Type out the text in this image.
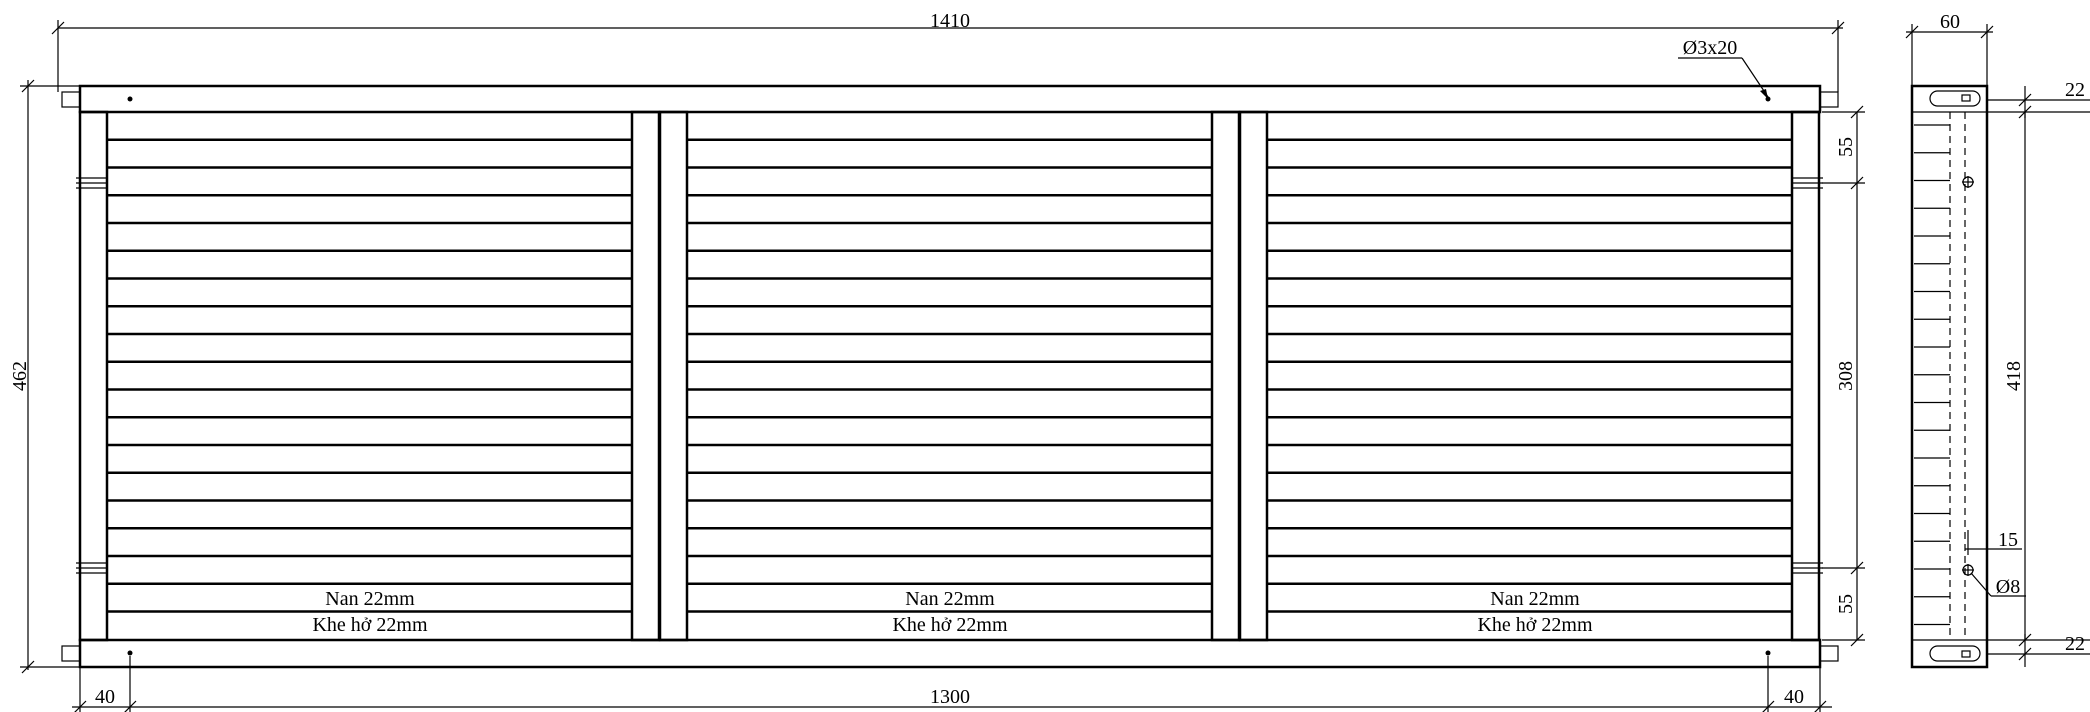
Nan 22mm
Khe hở 22mm
Nan 22mm
Khe hở 22mm
Nan 22mm
Khe hở 22mm
1410
462
40	1300	40
55
308
55
Ø3x20
60
22
418
22
15
Ø8
